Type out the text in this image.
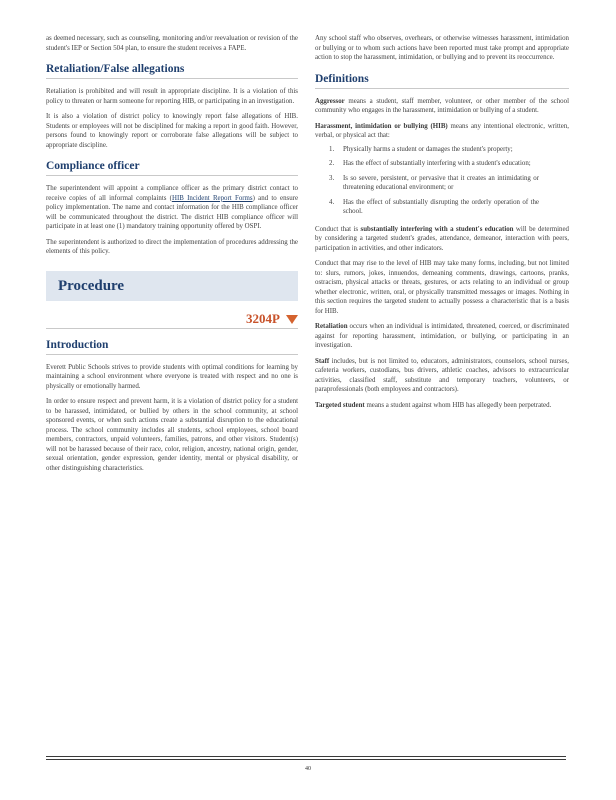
as deemed necessary, such as counseling, monitoring and/or reevaluation or revision of the student's IEP or Section 504 plan, to ensure the student receives a FAPE.

Retaliation/False allegations

Retaliation is prohibited and will result in appropriate discipline. It is a violation of this policy to threaten or harm someone for reporting HIB, or participating in an investigation.

It is also a violation of district policy to knowingly report false allegations of HIB. Students or employees will not be disciplined for making a report in good faith. However, persons found to knowingly report or corroborate false allegations will be subject to appropriate discipline.

Compliance officer

The superintendent will appoint a compliance officer as the primary district contact to receive copies of all informal complaints (HIB Incident Report Forms) and to ensure policy implementation. The name and contact information for the HIB compliance officer will be communicated throughout the district. The district HIB compliance officer will participate in at least one (1) mandatory training opportunity offered by OSPI.

The superintendent is authorized to direct the implementation of procedures addressing the elements of this policy.

Procedure
3204P
Introduction

Everett Public Schools strives to provide students with optimal conditions for learning by maintaining a school environment where everyone is treated with respect and no one is physically or emotionally harmed.

In order to ensure respect and prevent harm, it is a violation of district policy for a student to be harassed, intimidated, or bullied by others in the school community, at school sponsored events, or when such actions create a substantial disruption to the educational process. The school community includes all students, school employees, school board members, contractors, unpaid volunteers, families, patrons, and other visitors. Student(s) will not be harassed because of their race, color, religion, ancestry, national origin, gender, sexual orientation, gender expression, gender identity, mental or physical disability, or other distinguishing characteristics.

Any school staff who observes, overhears, or otherwise witnesses harassment, intimidation or bullying or to whom such actions have been reported must take prompt and appropriate action to stop the harassment, intimidation, or bullying and to prevent its reoccurrence.

Definitions

Aggressor means a student, staff member, volunteer, or other member of the school community who engages in the harassment, intimidation or bullying of a student.

Harassment, intimidation or bullying (HIB) means any intentional electronic, written, verbal, or physical act that:

1.	Physically harms a student or damages the student's property;
2.	Has the effect of substantially interfering with a student's education;
3.	Is so severe, persistent, or pervasive that it creates an intimidating or threatening educational environment; or
4.	Has the effect of substantially disrupting the orderly operation of the school.

Conduct that is substantially interfering with a student's education will be determined by considering a targeted student's grades, attendance, demeanor, interaction with peers, participation in activities, and other indicators.

Conduct that may rise to the level of HIB may take many forms, including, but not limited to: slurs, rumors, jokes, innuendos, demeaning comments, drawings, cartoons, pranks, ostracism, physical attacks or threats, gestures, or acts relating to an individual or group whether electronic, written, oral, or physically transmitted messages or images. Nothing in this section requires the targeted student to actually possess a characteristic that is a basis for HIB.

Retaliation occurs when an individual is intimidated, threatened, coerced, or discriminated against for reporting harassment, intimidation, or bullying, or participating in an investigation.

Staff includes, but is not limited to, educators, administrators, counselors, school nurses, cafeteria workers, custodians, bus drivers, athletic coaches, advisors to extracurricular activities, classified staff, substitute and temporary teachers, volunteers, or paraprofessionals (both employees and contractors).

Targeted student means a student against whom HIB has allegedly been perpetrated.

40
